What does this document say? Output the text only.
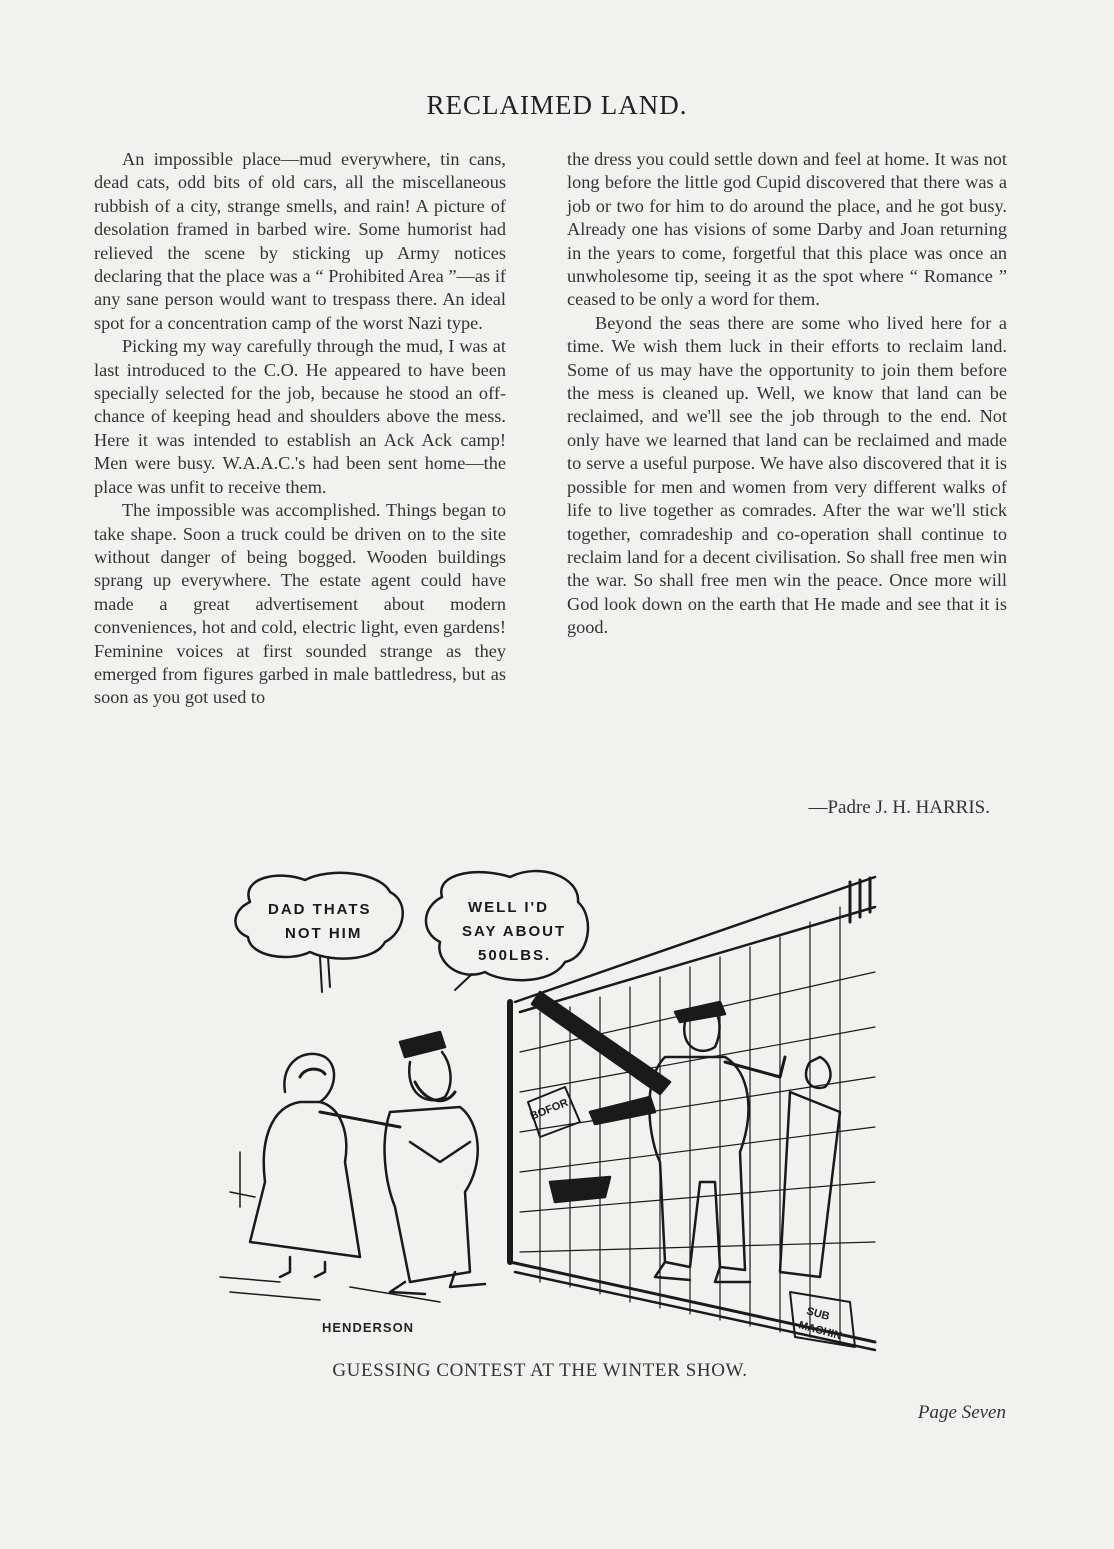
RECLAIMED LAND.

An impossible place—mud everywhere, tin cans, dead cats, odd bits of old cars, all the miscellaneous rubbish of a city, strange smells, and rain! A picture of desolation framed in barbed wire. Some humorist had relieved the scene by sticking up Army notices declaring that the place was a “ Prohibited Area ”—as if any sane person would want to trespass there. An ideal spot for a concentration camp of the worst Nazi type.

Picking my way carefully through the mud, I was at last introduced to the C.O. He appeared to have been specially selected for the job, because he stood an off-chance of keeping head and shoulders above the mess. Here it was intended to establish an Ack Ack camp! Men were busy. W.A.A.C.'s had been sent home—the place was unfit to receive them.

The impossible was accomplished. Things began to take shape. Soon a truck could be driven on to the site without danger of being bogged. Wooden buildings sprang up everywhere. The estate agent could have made a great advertisement about modern conveniences, hot and cold, electric light, even gardens! Feminine voices at first sounded strange as they emerged from figures garbed in male battledress, but as soon as you got used to

the dress you could settle down and feel at home. It was not long before the little god Cupid discovered that there was a job or two for him to do around the place, and he got busy. Already one has visions of some Darby and Joan returning in the years to come, forgetful that this place was once an unwholesome tip, seeing it as the spot where “ Romance ” ceased to be only a word for them.

Beyond the seas there are some who lived here for a time. We wish them luck in their efforts to reclaim land. Some of us may have the opportunity to join them before the mess is cleaned up. Well, we know that land can be reclaimed, and we'll see the job through to the end. Not only have we learned that land can be reclaimed and made to serve a useful purpose. We have also discovered that it is possible for men and women from very different walks of life to live together as comrades. After the war we'll stick together, comradeship and co-operation shall continue to reclaim land for a decent civilisation. So shall free men win the war. So shall free men win the peace. Once more will God look down on the earth that He made and see that it is good.

—Padre J. H. HARRIS.
DAD THATS
NOT HIM
WELL I'D
SAY ABOUT
500LBS.
BOFOR
SUB
MACHIN
HENDERSON
GUESSING CONTEST AT THE WINTER SHOW.
Page Seven
